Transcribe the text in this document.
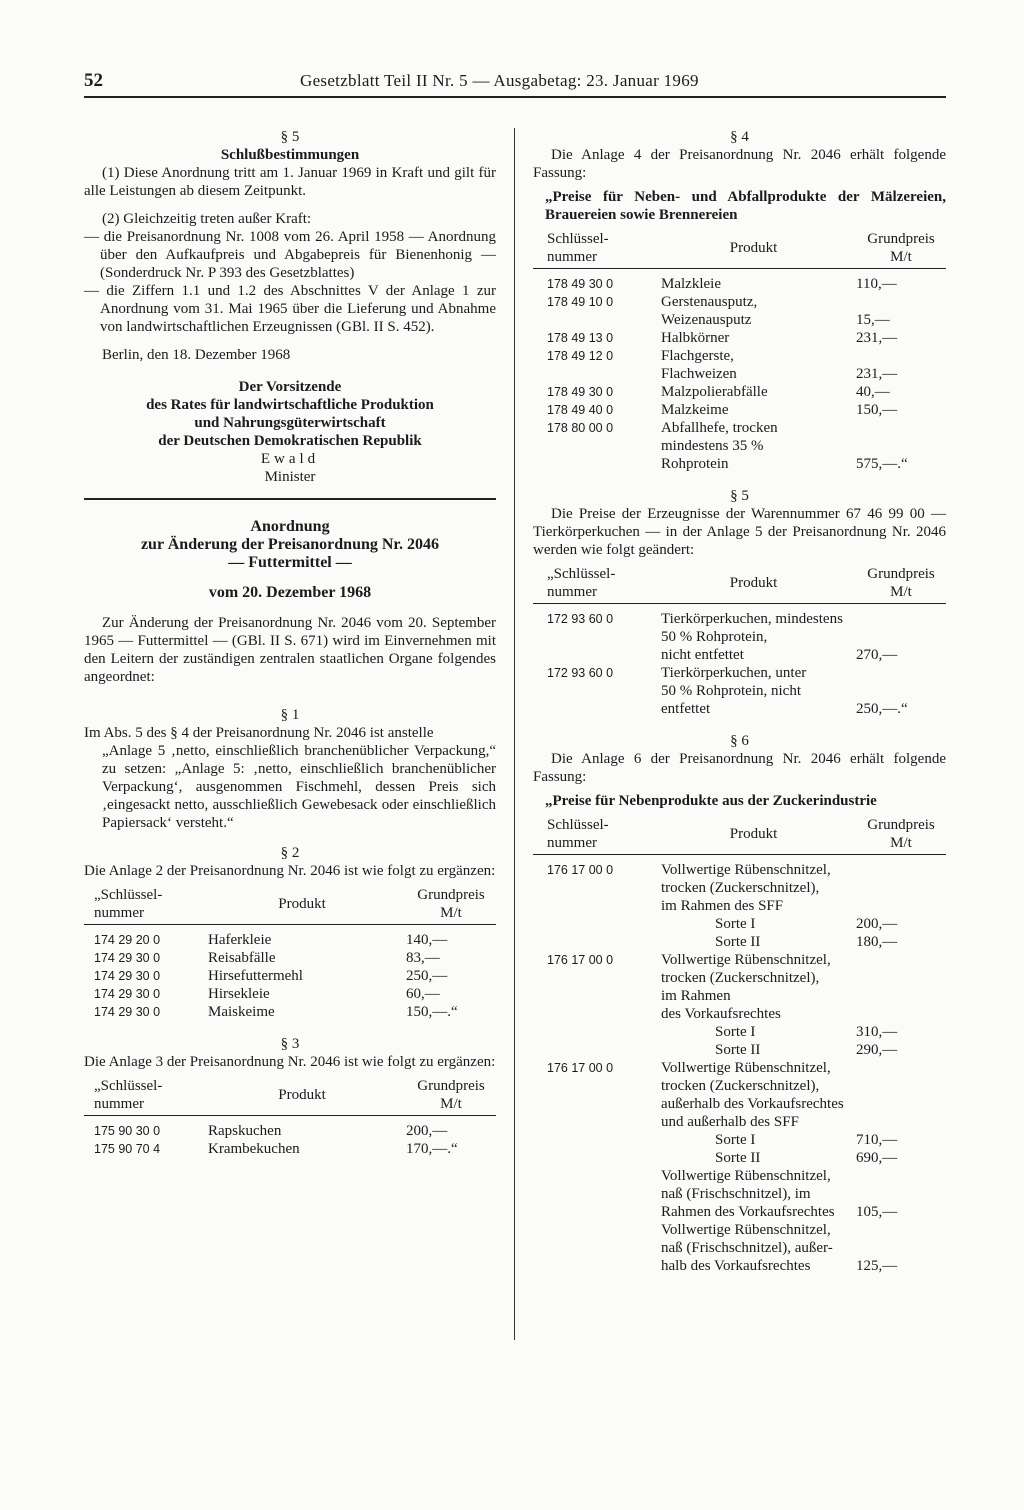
52	Gesetzblatt Teil II Nr. 5 — Ausgabetag: 23. Januar 1969

§ 5

Schlußbestimmungen

(1) Diese Anordnung tritt am 1. Januar 1969 in Kraft und gilt für alle Leistungen ab diesem Zeitpunkt.

(2) Gleichzeitig treten außer Kraft:

— die Preisanordnung Nr. 1008 vom 26. April 1958 — Anordnung über den Aufkaufpreis und Abgabepreis für Bienenhonig — (Sonderdruck Nr. P 393 des Gesetzblattes)

— die Ziffern 1.1 und 1.2 des Abschnittes V der Anlage 1 zur Anordnung vom 31. Mai 1965 über die Lieferung und Abnahme von landwirtschaftlichen Erzeugnissen (GBl. II S. 452).

Berlin, den 18. Dezember 1968

Der Vorsitzende

des Rates für landwirtschaftliche Produktion

und Nahrungsgüterwirtschaft

der Deutschen Demokratischen Republik

Ewald

Minister

Anordnung

zur Änderung der Preisanordnung Nr. 2046

— Futtermittel —

vom 20. Dezember 1968

Zur Änderung der Preisanordnung Nr. 2046 vom 20. September 1965 — Futtermittel — (GBl. II S. 671) wird im Einvernehmen mit den Leitern der zuständigen zentralen staatlichen Organe folgendes angeordnet:

§ 1

Im Abs. 5 des § 4 der Preisanordnung Nr. 2046 ist anstelle

„Anlage 5 ‚netto, einschließlich branchenüblicher Verpackung,“ zu setzen: „Anlage 5: ‚netto, einschließlich branchenüblicher Verpackung‘, ausgenommen Fischmehl, dessen Preis sich ‚eingesackt netto, ausschließlich Gewebesack oder einschließlich Papiersack‘ versteht.“

§ 2

Die Anlage 2 der Preisanordnung Nr. 2046 ist wie folgt zu ergänzen:

„Schlüssel-
nummer
Produkt
Grundpreis
M/t
174 29 20 0	Haferkleie	140,—
174 29 30 0	Reisabfälle	83,—
174 29 30 0	Hirsefuttermehl	250,—
174 29 30 0	Hirsekleie	60,—
174 29 30 0	Maiskeime	150,—.“

§ 3

Die Anlage 3 der Preisanordnung Nr. 2046 ist wie folgt zu ergänzen:

„Schlüssel-
nummer
Produkt
Grundpreis
M/t
175 90 30 0	Rapskuchen	200,—
175 90 70 4	Krambekuchen	170,—.“

§ 4

Die Anlage 4 der Preisanordnung Nr. 2046 erhält folgende Fassung:

„Preise für Neben- und Abfallprodukte der Mälzereien, Brauereien sowie Brennereien

Schlüssel-
nummer
Produkt
Grundpreis
M/t
178 49 30 0	Malzkleie	110,—
178 49 10 0	Gerstenausputz,
Weizenausputz	15,—
178 49 13 0	Halbkörner	231,—
178 49 12 0	Flachgerste,
Flachweizen	231,—
178 49 30 0	Malzpolierabfälle	40,—
178 49 40 0	Malzkeime	150,—
178 80 00 0	Abfallhefe, trocken
mindestens 35 %
Rohprotein	575,—.“

§ 5

Die Preise der Erzeugnisse der Warennummer 67 46 99 00 — Tierkörperkuchen — in der Anlage 5 der Preisanordnung Nr. 2046 werden wie folgt geändert:

„Schlüssel-
nummer
Produkt
Grundpreis
M/t
172 93 60 0	Tierkörperkuchen, mindestens 50 % Rohprotein,
nicht entfettet	270,—
172 93 60 0	Tierkörperkuchen, unter
50 % Rohprotein, nicht
entfettet	250,—.“

§ 6

Die Anlage 6 der Preisanordnung Nr. 2046 erhält folgende Fassung:

„Preise für Nebenprodukte aus der Zuckerindustrie

Schlüssel-
nummer
Produkt
Grundpreis
M/t
176 17 00 0	Vollwertige Rübenschnitzel,
trocken (Zuckerschnitzel),
im Rahmen des SFF
Sorte I	200,—
Sorte II	180,—
176 17 00 0	Vollwertige Rübenschnitzel,
trocken (Zuckerschnitzel),
im Rahmen
des Vorkaufsrechtes
Sorte I	310,—
Sorte II	290,—
176 17 00 0	Vollwertige Rübenschnitzel,
trocken (Zuckerschnitzel),
außerhalb des Vorkaufsrechtes und außerhalb des SFF
Sorte I	710,—
Sorte II	690,—
Vollwertige Rübenschnitzel,
naß (Frischschnitzel), im
Rahmen des Vorkaufsrechtes	105,—
Vollwertige Rübenschnitzel,
naß (Frischschnitzel), außer-
halb des Vorkaufsrechtes	125,—
